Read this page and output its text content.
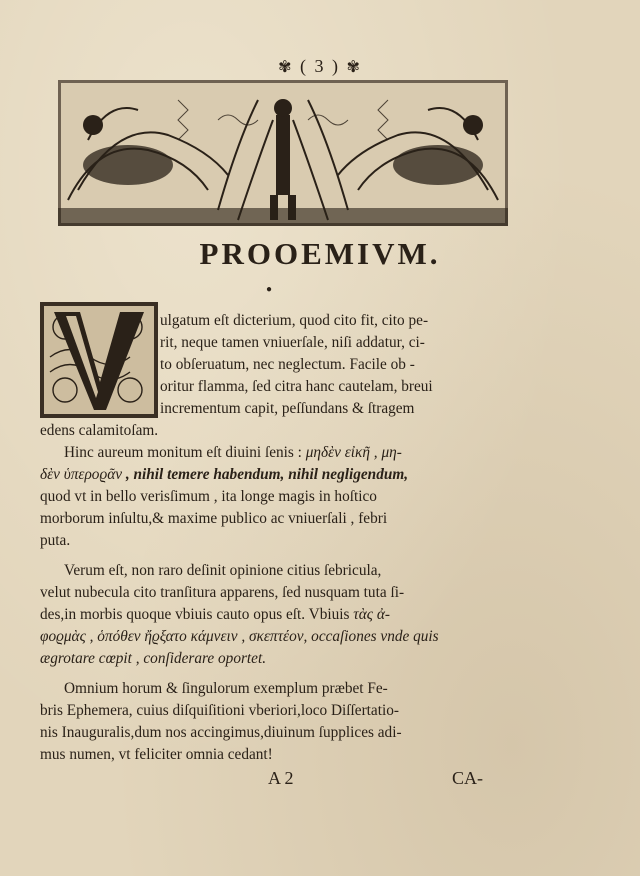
✾ ( 3 ) ✾
PROOEMIVM.
●
ulgatum eſt dicterium, quod cito fit, cito pe-
rit, neque tamen vniuerſale, niſi addatur, ci-
to obſeruatum, nec neglectum. Facile ob -
oritur flamma, ſed citra hanc cautelam, breui
incrementum capit, peſſundans & ſtragem
edens calamitoſam.
Hinc aureum monitum eſt diuini ſenis : μηδὲν εἰκῆ , μη-
δὲν ὑπεροϱᾶν , nihil temere habendum, nihil negligendum,
quod vt in bello verisſimum , ita longe magis in hoſtico
morborum inſultu,& maxime publico ac vniuerſali , febri
puta.
Verum eſt, non raro deſinit opinione citius ſebricula,
velut nubecula cito tranſitura apparens, ſed nusquam tuta ſi-
des,in morbis quoque vbiuis cauto opus eſt. Vbiuis τὰς ἀ-
φοϱμὰς , ὁπόθεν ἤϱξατο κάμνειν , σκεπτέον, occaſiones vnde quis
ægrotare cœpit , conſiderare oportet.
Omnium horum & ſingulorum exemplum præbet Fe-
bris Ephemera, cuius diſquiſitioni vberiori,loco Diſſertatio-
nis Inauguralis,dum nos accingimus,diuinum ſupplices adi-
mus numen, vt feliciter omnia cedant!
A 2	CA-
